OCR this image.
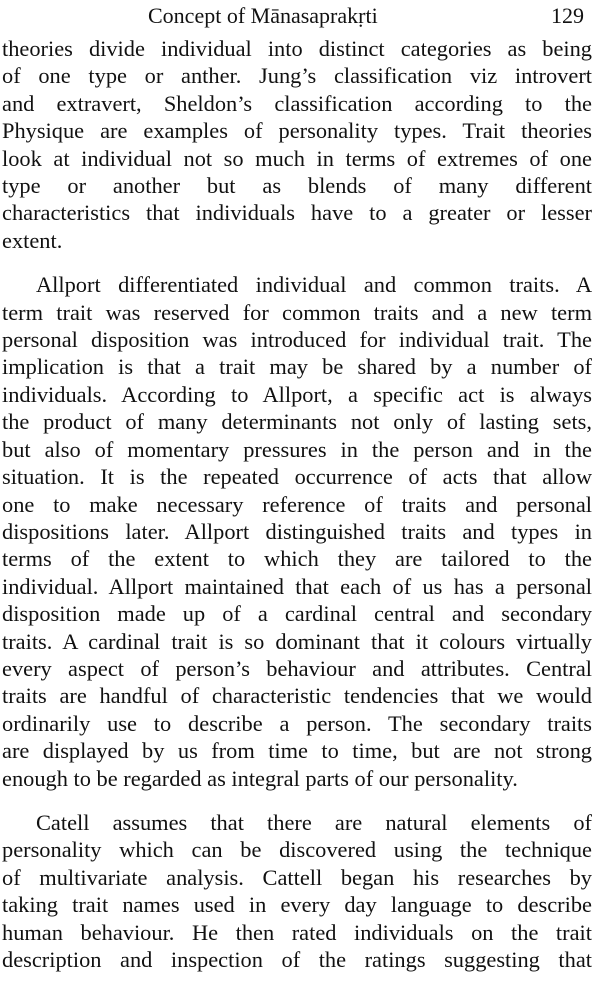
Concept of Mānasaprakṛti	129

theories divide individual into distinct categories as being
of one type or anther. Jung’s classification viz introvert
and extravert, Sheldon’s classification according to the
Physique are examples of personality types. Trait theories
look at individual not so much in terms of extremes of one
type or another but as blends of many different
characteristics that individuals have to a greater or lesser
extent.

Allport differentiated individual and common traits. A
term trait was reserved for common traits and a new term
personal disposition was introduced for individual trait. The
implication is that a trait may be shared by a number of
individuals. According to Allport, a specific act is always
the product of many determinants not only of lasting sets,
but also of momentary pressures in the person and in the
situation. It is the repeated occurrence of acts that allow
one to make necessary reference of traits and personal
dispositions later. Allport distinguished traits and types in
terms of the extent to which they are tailored to the
individual. Allport maintained that each of us has a personal
disposition made up of a cardinal central and secondary
traits. A cardinal trait is so dominant that it colours virtually
every aspect of person’s behaviour and attributes. Central
traits are handful of characteristic tendencies that we would
ordinarily use to describe a person. The secondary traits
are displayed by us from time to time, but are not strong
enough to be regarded as integral parts of our personality.

Catell assumes that there are natural elements of
personality which can be discovered using the technique
of multivariate analysis. Cattell began his researches by
taking trait names used in every day language to describe
human behaviour. He then rated individuals on the trait
description and inspection of the ratings suggesting that
